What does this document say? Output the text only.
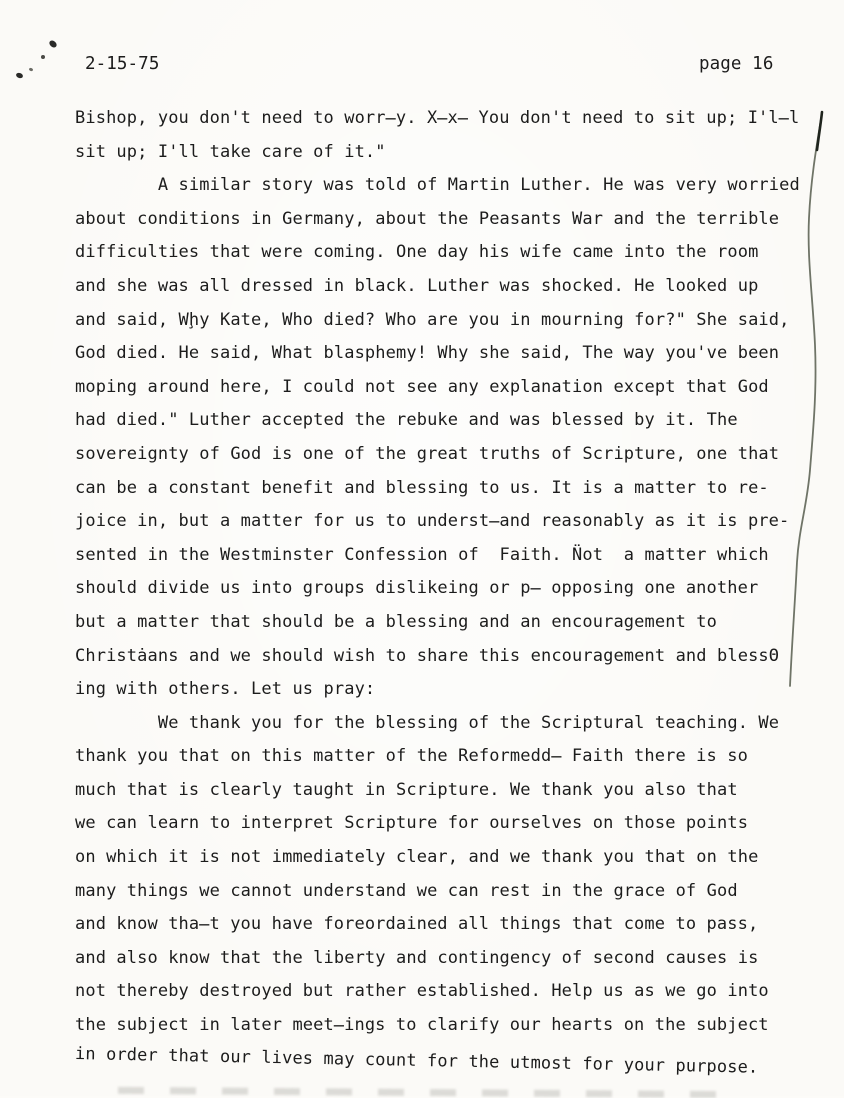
2-15-75	page 16
Bishop, you don't need to worr̶y. X̶x̶ You don't need to sit up; I'l̶l
sit up; I'll take care of it."
A similar story was told of Martin Luther. He was very worried
about conditions in Germany, about the Peasants War and the terrible
difficulties that were coming. One day his wife came into the room
and she was all dressed in black. Luther was shocked. He looked up
and said, Wḩy Kate, Who died? Who are you in mourning for?" She said,
God died. He said, What blasphemy! Why she said, The way you've been
moping around here, I could not see any explanation except that God
had died." Luther accepted the rebuke and was blessed by it. The
sovereignty of God is one of the great truths of Scripture, one that
can be a constant benefit and blessing to us. It is a matter to re-
joice in, but a matter for us to underst̶and reasonably as it is pre-
sented in the Westminster Confession of  Faith. N̈ot  a matter which
should divide us into groups dislikeing or p̶ opposing one another
but a matter that should be a blessing and an encouragement to
Christȧans and we should wish to share this encouragement and blessΘ
ing with others. Let us pray:
We thank you for the blessing of the Scriptural teaching. We
thank you that on this matter of the Reformedd̶ Faith there is so
much that is clearly taught in Scripture. We thank you also that
we can learn to interpret Scripture for ourselves on those points
on which it is not immediately clear, and we thank you that on the
many things we cannot understand we can rest in the grace of God
and know tha̶t you have foreordained all things that come to pass,
and also know that the liberty and contingency of second causes is
not thereby destroyed but rather established. Help us as we go into
the subject in later meet̶ings to clarify our hearts on the subject
in order that our lives may count for the utmost for your purpose.
